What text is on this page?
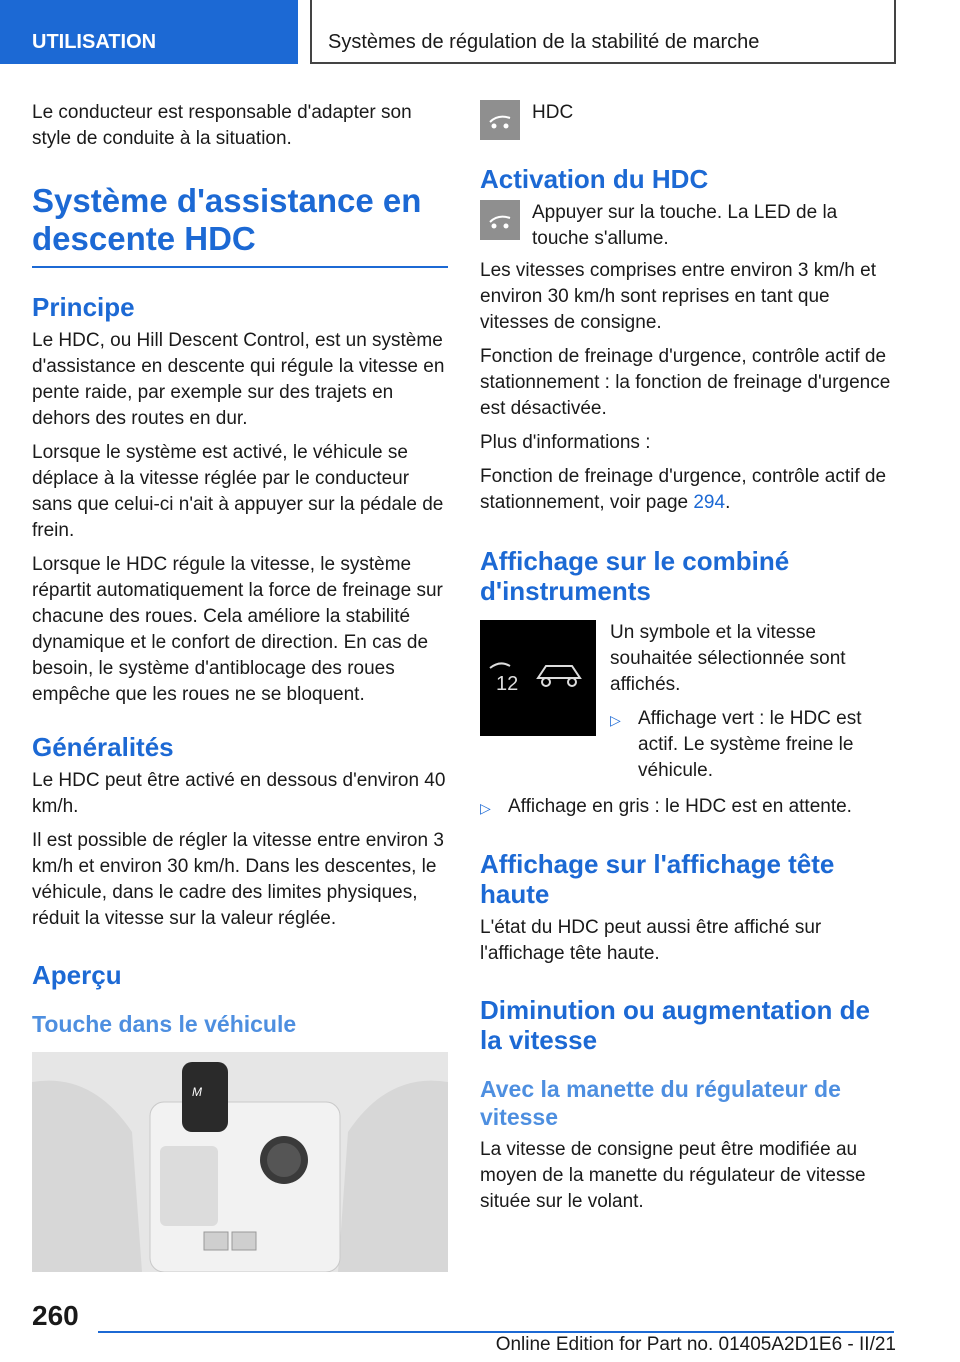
UTILISATION	Systèmes de régulation de la stabilité de marche

Le conducteur est responsable d'adapter son style de conduite à la situation.

Système d'assistance en descente HDC
Principe

Le HDC, ou Hill Descent Control, est un système d'assistance en descente qui régule la vitesse en pente raide, par exemple sur des trajets en dehors des routes en dur.

Lorsque le système est activé, le véhicule se déplace à la vitesse réglée par le conducteur sans que celui-ci n'ait à appuyer sur la pédale de frein.

Lorsque le HDC régule la vitesse, le système répartit automatiquement la force de freinage sur chacune des roues. Cela améliore la stabilité dynamique et le confort de direction. En cas de besoin, le système d'antiblocage des roues empêche que les roues ne se bloquent.

Généralités

Le HDC peut être activé en dessous d'environ 40 km/h.

Il est possible de régler la vitesse entre environ 3 km/h et environ 30 km/h. Dans les descentes, le véhicule, dans le cadre des limites physiques, réduit la vitesse sur la valeur réglée.

Aperçu
Touche dans le véhicule
M
HDC
Activation du HDC
Appuyer sur la touche. La LED de la touche s'allume.

Les vitesses comprises entre environ 3 km/h et environ 30 km/h sont reprises en tant que vitesses de consigne.

Fonction de freinage d'urgence, contrôle actif de stationnement : la fonction de freinage d'urgence est désactivée.

Plus d'informations :

Fonction de freinage d'urgence, contrôle actif de stationnement, voir page 294.

Affichage sur le combiné d'instruments
12

Un symbole et la vitesse souhaitée sélectionnée sont affichés.

▷ Affichage vert : le HDC est actif. Le système freine le véhicule.
▷ Affichage en gris : le HDC est en attente.
Affichage sur l'affichage tête haute

L'état du HDC peut aussi être affiché sur l'affichage tête haute.

Diminution ou augmentation de la vitesse
Avec la manette du régulateur de vitesse

La vitesse de consigne peut être modifiée au moyen de la manette du régulateur de vitesse située sur le volant.

260
Online Edition for Part no. 01405A2D1E6 - II/21
